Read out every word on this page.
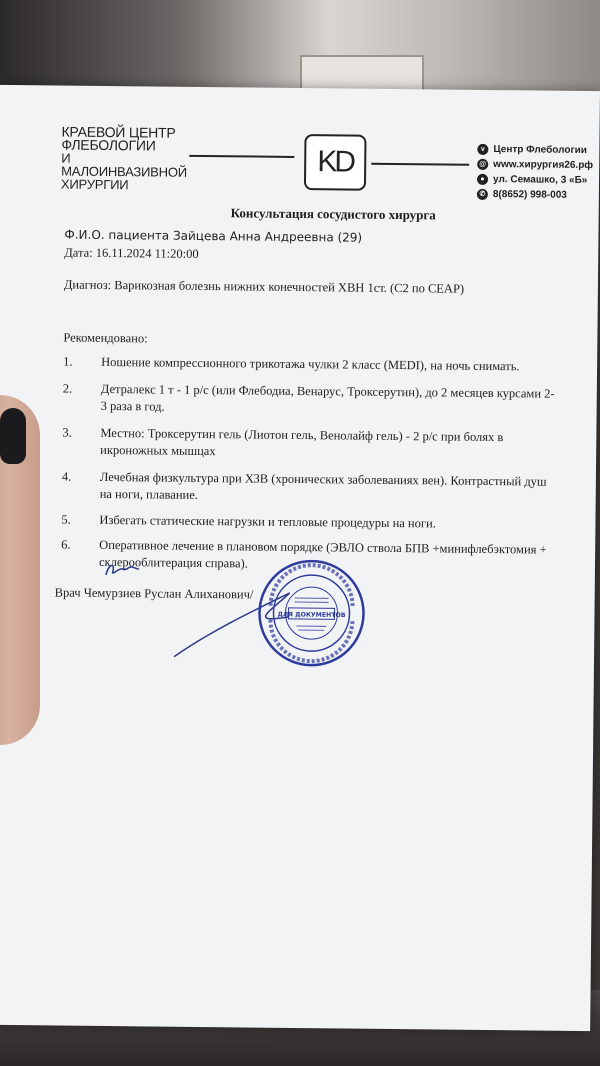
КРАЕВОЙ ЦЕНТР
ФЛЕБОЛОГИИ
И МАЛОИНВАЗИВНОЙ
ХИРУРГИИ
KD	v Центр Флебологии
@ www.хирургия26.рф
● ул. Семашко, 3 «Б»
✆ 8(8652) 998-003
Консультация сосудистого хирурга
Ф.И.О. пациента Зайцева Анна Андреевна (29)
Дата: 16.11.2024 11:20:00
Диагноз: Варикозная болезнь нижних конечностей ХВН 1ст. (С2 по СЕАР)
Рекомендовано:
1.	Ношение компрессионного трикотажа чулки 2 класс (MEDI), на ночь снимать.
2.	Детралекс 1 т - 1 р/с (или Флебодиа, Венарус, Троксерутин), до 2 месяцев курсами 2- 3 раза в год.
3.	Местно: Троксерутин гель (Лиотон гель, Венолайф гель) - 2 р/с при болях в икроножных мышцах
4.	Лечебная физкультура при ХЗВ (хронических заболеваниях вен). Контрастный душ на ноги, плавание.
5.	Избегать статические нагрузки и тепловые процедуры на ноги.
6.	Оперативное лечение в плановом порядке (ЭВЛО ствола БПВ +минифлебэктомия + склерооблитерация справа).
Врач Чемурзиев Руслан Алиханович/
ДЛЯ ДОКУМЕНТОВ
